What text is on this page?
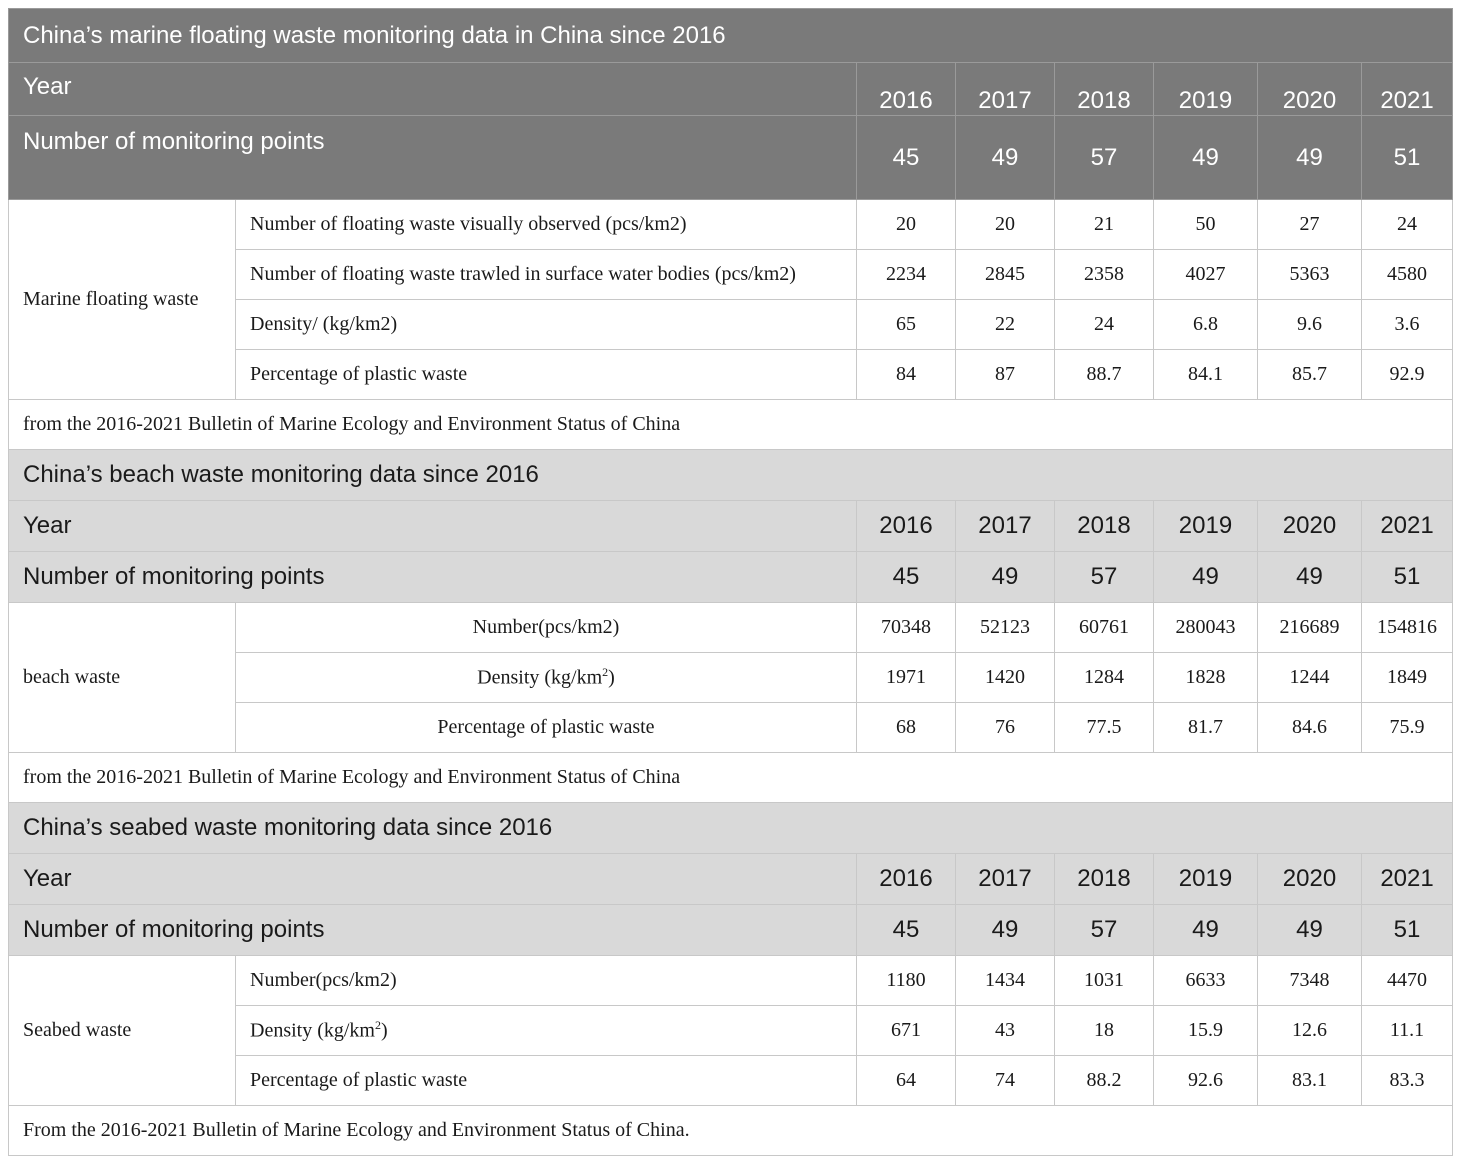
China’s marine floating waste monitoring data in China since 2016							
Year		2016	2017	2018	2019	2020	2021
Number of monitoring points		45	49	57	49	49	51
Marine floating waste	Number of floating waste visually observed (pcs/km2)	20	20	21	50	27	24
	Number of floating waste trawled in surface water bodies (pcs/km2)	2234	2845	2358	4027	5363	4580
	Density/ (kg/km2)	65	22	24	6.8	9.6	3.6
	Percentage of plastic waste	84	87	88.7	84.1	85.7	92.9
from the 2016-2021 Bulletin of Marine Ecology and Environment Status of China							
China’s beach waste monitoring data since 2016							
Year		2016	2017	2018	2019	2020	2021
Number of monitoring points		45	49	57	49	49	51
beach waste	Number(pcs/km2)	70348	52123	60761	280043	216689	154816
	Density $(kg/km^2)$	1971	1420	1284	1828	1244	1849
	Percentage of plastic waste	68	76	77.5	81.7	84.6	75.9
from the 2016-2021 Bulletin of Marine Ecology and Environment Status of China							
China’s seabed waste monitoring data since 2016							
Year		2016	2017	2018	2019	2020	2021
Number of monitoring points		45	49	57	49	49	51
Seabed waste	Number(pcs/km2)	1180	1434	1031	6633	7348	4470
	Density $(kg/km^2)$	671	43	18	15.9	12.6	11.1
	Percentage of plastic waste	64	74	88.2	92.6	83.1	83.3
From the 2016-2021 Bulletin of Marine Ecology and Environment Status of China.							
